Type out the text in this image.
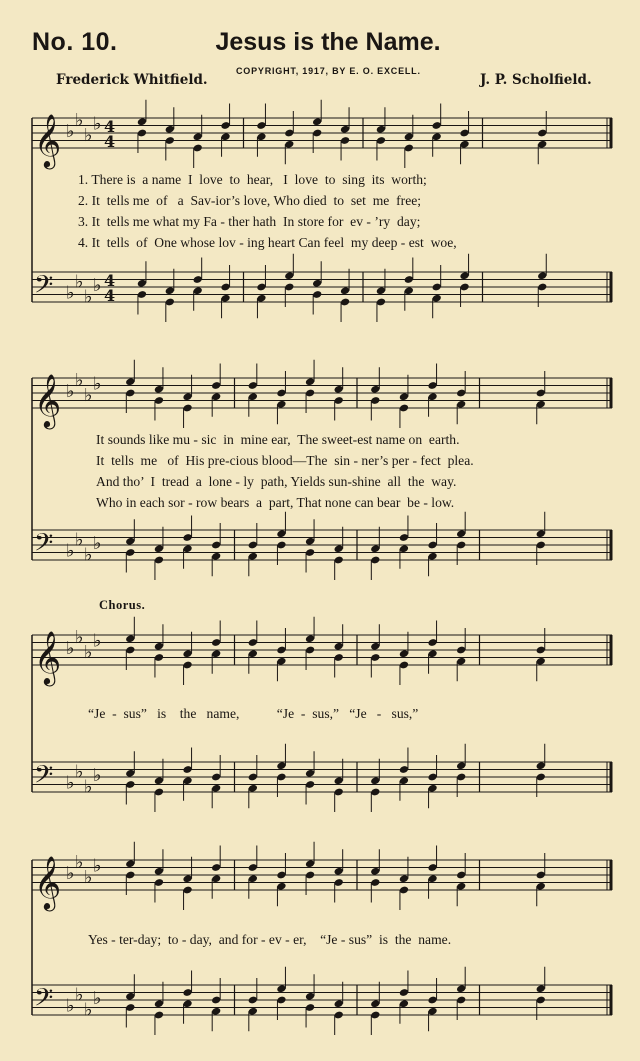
No. 10.	Jesus is the Name.
Frederick Whitfield.
COPYRIGHT, 1917, BY E. O. EXCELL.
J. P. Scholfield.
𝄞 ♭
♭
♭
♭ 4
4
𝄢 ♭
♭
♭
♭ 4
4
𝄞 ♭
♭
♭
♭
𝄢 ♭
♭
♭
♭
𝄞 ♭
♭
♭
♭
𝄢 ♭
♭
♭
♭
𝄞 ♭
♭
♭
♭
𝄢 ♭
♭
♭
♭
1. There is  a name  I  love  to  hear,   I  love  to  sing  its  worth;
2. It  tells me  of   a  Sav-ior’s love, Who died  to  set  me  free;
3. It  tells me what my Fa - ther hath  In store for  ev - ’ry  day;
4. It  tells  of  One whose lov - ing heart Can feel  my deep - est  woe,
It sounds like mu - sic  in  mine ear,  The sweet-est name on  earth.
It  tells  me   of  His pre-cious blood—The  sin - ner’s per - fect  plea.
And tho’  I  tread  a  lone - ly  path, Yields sun-shine  all  the  way.
Who in each sor - row bears  a  part, That none can bear  be - low.
Chorus.
“Je  -  sus”   is    the   name,           “Je  -  sus,”   “Je   -   sus,”
Yes - ter-day;  to - day,  and for - ev - er,    “Je - sus”  is  the  name.
